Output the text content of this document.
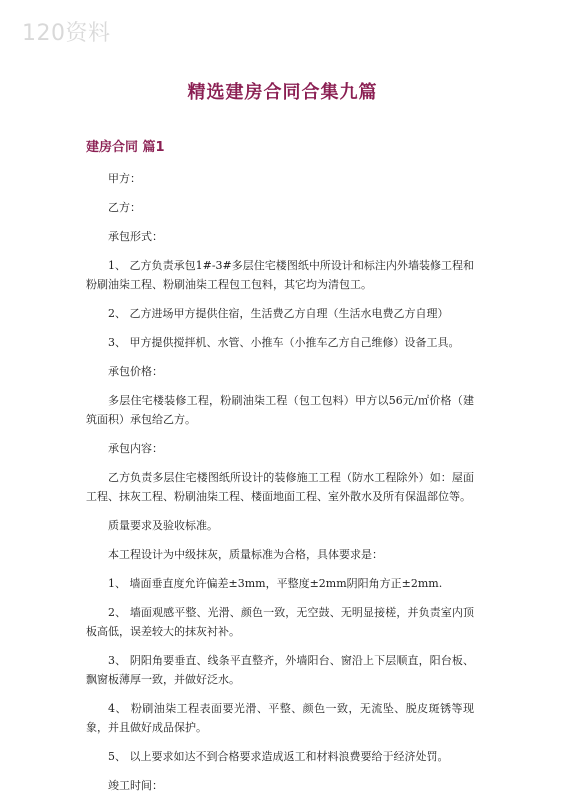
120资料
精选建房合同合集九篇
建房合同 篇1

甲方：

乙方：

承包形式：

1、 乙方负责承包1#-3#多层住宅楼图纸中所设计和标注内外墙装修工程和粉刷油柒工程、粉刷油柒工程包工包料，其它均为清包工。

2、 乙方进场甲方提供住宿，生活费乙方自理（生活水电费乙方自理）

3、 甲方提供搅拌机、水管、小推车（小推车乙方自己维修）设备工具。

承包价格：

多层住宅楼装修工程，粉刷油柒工程（包工包料）甲方以56元/㎡价格（建筑面积）承包给乙方。

承包内容：

乙方负责多层住宅楼图纸所设计的装修施工工程（防水工程除外）如：屋面工程、抹灰工程、粉刷油柒工程、楼面地面工程、室外散水及所有保温部位等。

质量要求及验收标准。

本工程设计为中级抹灰，质量标准为合格，具体要求是：

1、 墙面垂直度允许偏差±3mm，平整度±2mm阴阳角方正±2mm.

2、 墙面观感平整、光滑、颜色一致，无空鼓、无明显接槎，并负责室内顶板高低，误差较大的抹灰衬补。

3、 阴阳角要垂直、线条平直整齐，外墙阳台、窗沿上下层顺直，阳台板、飘窗板薄厚一致，并做好泛水。

4、 粉刷油柒工程表面要光滑、平整、颜色一致，无流坠、脱皮斑锈等现象，并且做好成品保护。

5、 以上要求如达不到合格要求造成返工和材料浪费要给于经济处罚。

竣工时间：
